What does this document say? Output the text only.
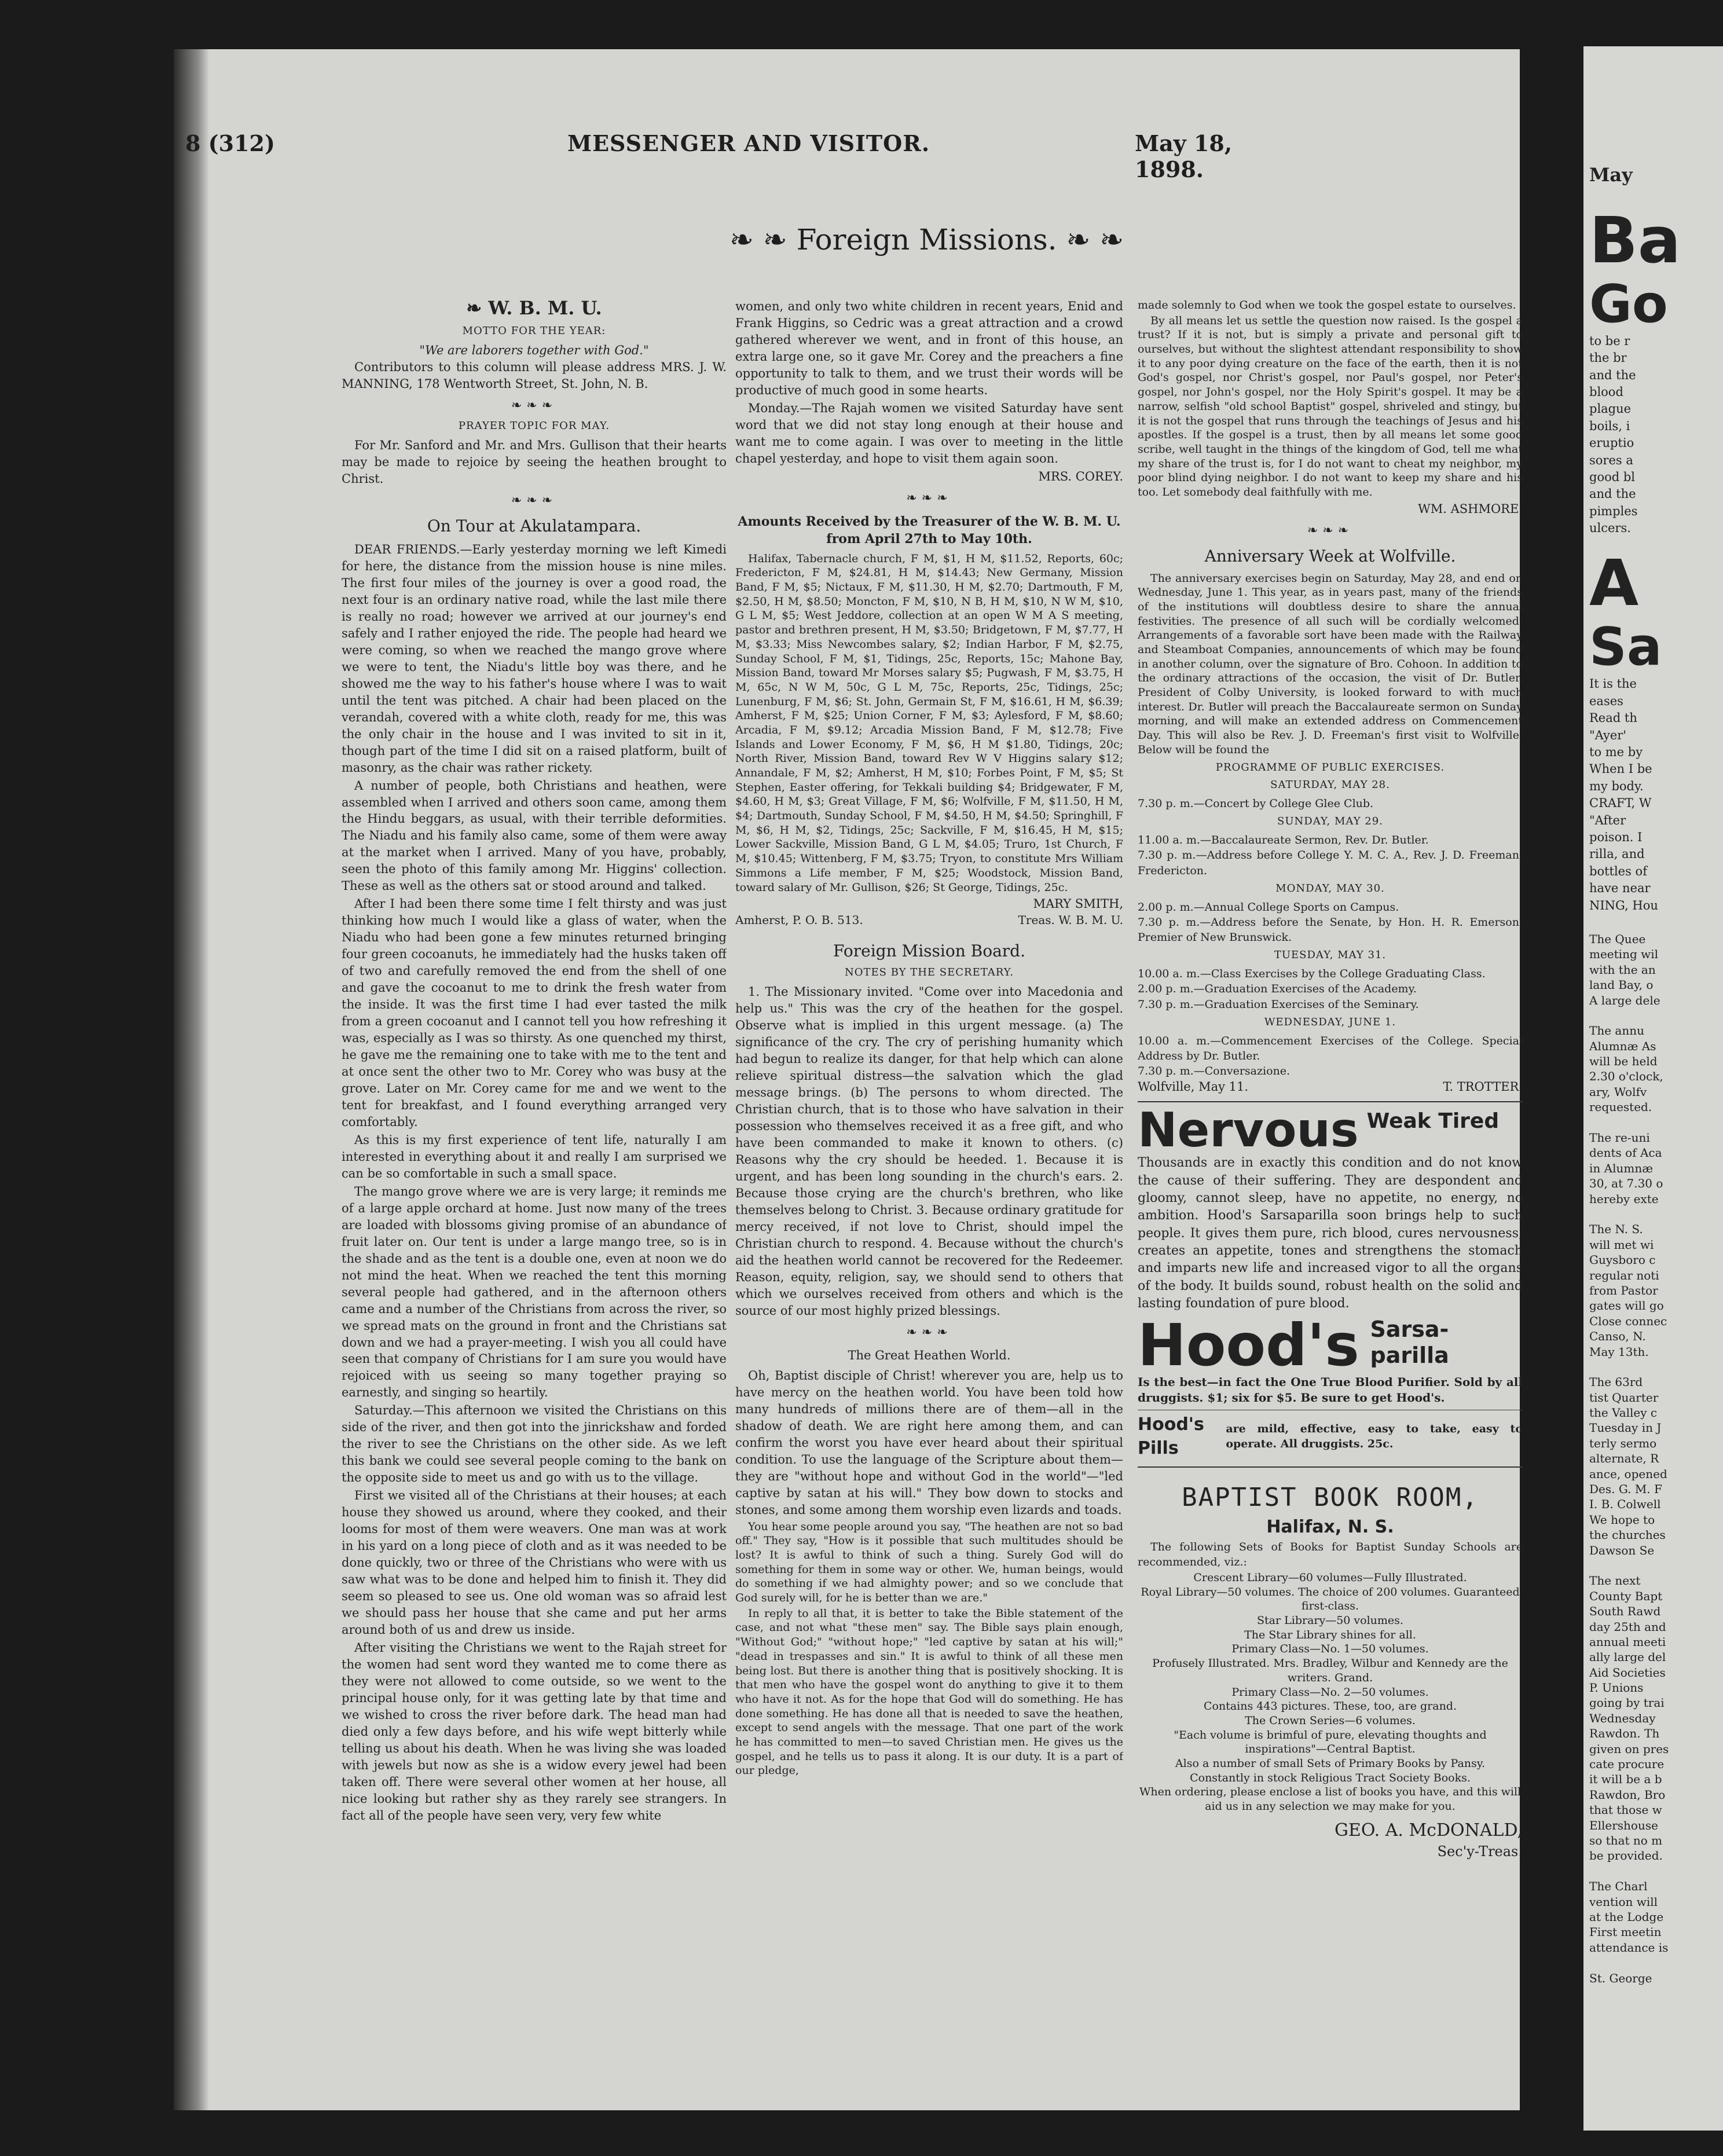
8 (312)	MESSENGER AND VISITOR.	May 18, 1898.
❧ ❧ Foreign Missions. ❧ ❧
❧ W. B. M. U.
MOTTO FOR THE YEAR:
"We are laborers together with God."

Contributors to this column will please address MRS. J. W. MANNING, 178 Wentworth Street, St. John, N. B.

❧❧❧
PRAYER TOPIC FOR MAY.

For Mr. Sanford and Mr. and Mrs. Gullison that their hearts may be made to rejoice by seeing the heathen brought to Christ.

❧❧❧
On Tour at Akulatampara.

DEAR FRIENDS.—Early yesterday morning we left Kimedi for here, the distance from the mission house is nine miles. The first four miles of the journey is over a good road, the next four is an ordinary native road, while the last mile there is really no road; however we arrived at our journey's end safely and I rather enjoyed the ride. The people had heard we were coming, so when we reached the mango grove where we were to tent, the Niadu's little boy was there, and he showed me the way to his father's house where I was to wait until the tent was pitched. A chair had been placed on the verandah, covered with a white cloth, ready for me, this was the only chair in the house and I was invited to sit in it, though part of the time I did sit on a raised platform, built of masonry, as the chair was rather rickety.

A number of people, both Christians and heathen, were assembled when I arrived and others soon came, among them the Hindu beggars, as usual, with their terrible deformities. The Niadu and his family also came, some of them were away at the market when I arrived. Many of you have, probably, seen the photo of this family among Mr. Higgins' collection. These as well as the others sat or stood around and talked.

After I had been there some time I felt thirsty and was just thinking how much I would like a glass of water, when the Niadu who had been gone a few minutes returned bringing four green cocoanuts, he immediately had the husks taken off of two and carefully removed the end from the shell of one and gave the cocoanut to me to drink the fresh water from the inside. It was the first time I had ever tasted the milk from a green cocoanut and I cannot tell you how refreshing it was, especially as I was so thirsty. As one quenched my thirst, he gave me the remaining one to take with me to the tent and at once sent the other two to Mr. Corey who was busy at the grove. Later on Mr. Corey came for me and we went to the tent for breakfast, and I found everything arranged very comfortably.

As this is my first experience of tent life, naturally I am interested in everything about it and really I am surprised we can be so comfortable in such a small space.

The mango grove where we are is very large; it reminds me of a large apple orchard at home. Just now many of the trees are loaded with blossoms giving promise of an abundance of fruit later on. Our tent is under a large mango tree, so is in the shade and as the tent is a double one, even at noon we do not mind the heat. When we reached the tent this morning several people had gathered, and in the afternoon others came and a number of the Christians from across the river, so we spread mats on the ground in front and the Christians sat down and we had a prayer-meeting. I wish you all could have seen that company of Christians for I am sure you would have rejoiced with us seeing so many together praying so earnestly, and singing so heartily.

Saturday.—This afternoon we visited the Christians on this side of the river, and then got into the jinrickshaw and forded the river to see the Christians on the other side. As we left this bank we could see several people coming to the bank on the opposite side to meet us and go with us to the village.

First we visited all of the Christians at their houses; at each house they showed us around, where they cooked, and their looms for most of them were weavers. One man was at work in his yard on a long piece of cloth and as it was needed to be done quickly, two or three of the Christians who were with us saw what was to be done and helped him to finish it. They did seem so pleased to see us. One old woman was so afraid lest we should pass her house that she came and put her arms around both of us and drew us inside.

After visiting the Christians we went to the Rajah street for the women had sent word they wanted me to come there as they were not allowed to come outside, so we went to the principal house only, for it was getting late by that time and we wished to cross the river before dark. The head man had died only a few days before, and his wife wept bitterly while telling us about his death. When he was living she was loaded with jewels but now as she is a widow every jewel had been taken off. There were several other women at her house, all nice looking but rather shy as they rarely see strangers. In fact all of the people have seen very, very few white

women, and only two white children in recent years, Enid and Frank Higgins, so Cedric was a great attraction and a crowd gathered wherever we went, and in front of this house, an extra large one, so it gave Mr. Corey and the preachers a fine opportunity to talk to them, and we trust their words will be productive of much good in some hearts.

Monday.—The Rajah women we visited Saturday have sent word that we did not stay long enough at their house and want me to come again. I was over to meeting in the little chapel yesterday, and hope to visit them again soon.

MRS. COREY.
❧❧❧
Amounts Received by the Treasurer of the W. B. M. U. from April 27th to May 10th.

Halifax, Tabernacle church, F M, $1, H M, $11.52, Reports, 60c; Fredericton, F M, $24.81, H M, $14.43; New Germany, Mission Band, F M, $5; Nictaux, F M, $11.30, H M, $2.70; Dartmouth, F M, $2.50, H M, $8.50; Moncton, F M, $10, N B, H M, $10, N W M, $10, G L M, $5; West Jeddore, collection at an open W M A S meeting, pastor and brethren present, H M, $3.50; Bridgetown, F M, $7.77, H M, $3.33; Miss Newcombes salary, $2; Indian Harbor, F M, $2.75, Sunday School, F M, $1, Tidings, 25c, Reports, 15c; Mahone Bay, Mission Band, toward Mr Morses salary $5; Pugwash, F M, $3.75, H M, 65c, N W M, 50c, G L M, 75c, Reports, 25c, Tidings, 25c; Lunenburg, F M, $6; St. John, Germain St, F M, $16.61, H M, $6.39; Amherst, F M, $25; Union Corner, F M, $3; Aylesford, F M, $8.60; Arcadia, F M, $9.12; Arcadia Mission Band, F M, $12.78; Five Islands and Lower Economy, F M, $6, H M $1.80, Tidings, 20c; North River, Mission Band, toward Rev W V Higgins salary $12; Annandale, F M, $2; Amherst, H M, $10; Forbes Point, F M, $5; St Stephen, Easter offering, for Tekkali building $4; Bridgewater, F M, $4.60, H M, $3; Great Village, F M, $6; Wolfville, F M, $11.50, H M, $4; Dartmouth, Sunday School, F M, $4.50, H M, $4.50; Springhill, F M, $6, H M, $2, Tidings, 25c; Sackville, F M, $16.45, H M, $15; Lower Sackville, Mission Band, G L M, $4.05; Truro, 1st Church, F M, $10.45; Wittenberg, F M, $3.75; Tryon, to constitute Mrs William Simmons a Life member, F M, $25; Woodstock, Mission Band, toward salary of Mr. Gullison, $26; St George, Tidings, 25c.

MARY SMITH,
Amherst, P. O. B. 513.	Treas. W. B. M. U.
Foreign Mission Board.
NOTES BY THE SECRETARY.

1. The Missionary invited. "Come over into Macedonia and help us." This was the cry of the heathen for the gospel. Observe what is implied in this urgent message. (a) The significance of the cry. The cry of perishing humanity which had begun to realize its danger, for that help which can alone relieve spiritual distress—the salvation which the glad message brings. (b) The persons to whom directed. The Christian church, that is to those who have salvation in their possession who themselves received it as a free gift, and who have been commanded to make it known to others. (c) Reasons why the cry should be heeded. 1. Because it is urgent, and has been long sounding in the church's ears. 2. Because those crying are the church's brethren, who like themselves belong to Christ. 3. Because ordinary gratitude for mercy received, if not love to Christ, should impel the Christian church to respond. 4. Because without the church's aid the heathen world cannot be recovered for the Redeemer. Reason, equity, religion, say, we should send to others that which we ourselves received from others and which is the source of our most highly prized blessings.

❧❧❧
The Great Heathen World.

Oh, Baptist disciple of Christ! wherever you are, help us to have mercy on the heathen world. You have been told how many hundreds of millions there are of them—all in the shadow of death. We are right here among them, and can confirm the worst you have ever heard about their spiritual condition. To use the language of the Scripture about them—they are "without hope and without God in the world"—"led captive by satan at his will." They bow down to stocks and stones, and some among them worship even lizards and toads.

You hear some people around you say, "The heathen are not so bad off." They say, "How is it possible that such multitudes should be lost? It is awful to think of such a thing. Surely God will do something for them in some way or other. We, human beings, would do something if we had almighty power; and so we conclude that God surely will, for he is better than we are."

In reply to all that, it is better to take the Bible statement of the case, and not what "these men" say. The Bible says plain enough, "Without God;" "without hope;" "led captive by satan at his will;" "dead in trespasses and sin." It is awful to think of all these men being lost. But there is another thing that is positively shocking. It is that men who have the gospel wont do anything to give it to them who have it not. As for the hope that God will do something. He has done something. He has done all that is needed to save the heathen, except to send angels with the message. That one part of the work he has committed to men—to saved Christian men. He gives us the gospel, and he tells us to pass it along. It is our duty. It is a part of our pledge,

made solemnly to God when we took the gospel estate to ourselves.

By all means let us settle the question now raised. Is the gospel a trust? If it is not, but is simply a private and personal gift to ourselves, but without the slightest attendant responsibility to show it to any poor dying creature on the face of the earth, then it is not God's gospel, nor Christ's gospel, nor Paul's gospel, nor Peter's gospel, nor John's gospel, nor the Holy Spirit's gospel. It may be a narrow, selfish "old school Baptist" gospel, shriveled and stingy, but it is not the gospel that runs through the teachings of Jesus and his apostles. If the gospel is a trust, then by all means let some good scribe, well taught in the things of the kingdom of God, tell me what my share of the trust is, for I do not want to cheat my neighbor, my poor blind dying neighbor. I do not want to keep my share and his too. Let somebody deal faithfully with me.

WM. ASHMORE.
❧❧❧
Anniversary Week at Wolfville.

The anniversary exercises begin on Saturday, May 28, and end on Wednesday, June 1. This year, as in years past, many of the friends of the institutions will doubtless desire to share the annual festivities. The presence of all such will be cordially welcomed. Arrangements of a favorable sort have been made with the Railway and Steamboat Companies, announcements of which may be found in another column, over the signature of Bro. Cohoon. In addition to the ordinary attractions of the occasion, the visit of Dr. Butler, President of Colby University, is looked forward to with much interest. Dr. Butler will preach the Baccalaureate sermon on Sunday morning, and will make an extended address on Commencement Day. This will also be Rev. J. D. Freeman's first visit to Wolfville. Below will be found the

PROGRAMME OF PUBLIC EXERCISES.
SATURDAY, MAY 28.
7.30 p. m.—Concert by College Glee Club.
SUNDAY, MAY 29.
11.00 a. m.—Baccalaureate Sermon, Rev. Dr. Butler.
7.30 p. m.—Address before College Y. M. C. A., Rev. J. D. Freeman, Fredericton.
MONDAY, MAY 30.
2.00 p. m.—Annual College Sports on Campus.
7.30 p. m.—Address before the Senate, by Hon. H. R. Emerson, Premier of New Brunswick.
TUESDAY, MAY 31.
10.00 a. m.—Class Exercises by the College Graduating Class.
2.00 p. m.—Graduation Exercises of the Academy.
7.30 p. m.—Graduation Exercises of the Seminary.
WEDNESDAY, JUNE 1.
10.00 a. m.—Commencement Exercises of the College. Special Address by Dr. Butler.
7.30 p. m.—Conversazione.
Wolfville, May 11.	T. TROTTER.
Nervous Weak Tired

Thousands are in exactly this condition and do not know the cause of their suffering. They are despondent and gloomy, cannot sleep, have no appetite, no energy, no ambition. Hood's Sarsaparilla soon brings help to such people. It gives them pure, rich blood, cures nervousness, creates an appetite, tones and strengthens the stomach and imparts new life and increased vigor to all the organs of the body. It builds sound, robust health on the solid and lasting foundation of pure blood.

Hood's Sarsa-
parilla

Is the best—in fact the One True Blood Purifier. Sold by all druggists. $1; six for $5. Be sure to get Hood's.

Hood's Pills
are mild, effective, easy to take, easy to operate. All druggists. 25c.
BAPTIST BOOK ROOM,
Halifax, N. S.

The following Sets of Books for Baptist Sunday Schools are recommended, viz.:

Crescent Library—60 volumes—Fully Illustrated.
Royal Library—50 volumes. The choice of 200 volumes. Guaranteed first-class.
Star Library—50 volumes.
The Star Library shines for all.
Primary Class—No. 1—50 volumes.
Profusely Illustrated. Mrs. Bradley, Wilbur and Kennedy are the writers. Grand.
Primary Class—No. 2—50 volumes.
Contains 443 pictures. These, too, are grand.
The Crown Series—6 volumes.
"Each volume is brimful of pure, elevating thoughts and inspirations"—Central Baptist.
Also a number of small Sets of Primary Books by Pansy.
Constantly in stock Religious Tract Society Books.
When ordering, please enclose a list of books you have, and this will aid us in any selection we may make for you.
GEO. A. McDONALD,
Sec'y-Treas.
May
Ba
Go
to be r
the br
and the
blood
plague
boils, i
eruptio
sores a
good bl
and the
pimples
ulcers.
A
Sa
It is the
eases
Read th
"Ayer'
to me by
When I be
my body.
CRAFT, W
"After
poison. I
rilla, and
bottles of
have near
NING, Hou
The Quee
meeting wil
with the an
land Bay, o
A large dele

The annu
Alumnæ As
will be held
2.30 o'clock,
ary, Wolfv
requested.

The re-uni
dents of Aca
in Alumnæ
30, at 7.30 o
hereby exte

The N. S.
will met wi
Guysboro c
regular noti
from Pastor
gates will go
Close connec
Canso, N.
May 13th.

The 63rd
tist Quarter
the Valley c
Tuesday in J
terly sermo
alternate, R
ance, opened
Des. G. M. F
I. B. Colwell
We hope to
the churches
Dawson Se

The next
County Bapt
South Rawd
day 25th and
annual meeti
ally large del
Aid Societies
P. Unions
going by trai
Wednesday
Rawdon. Th
given on pres
cate procure
it will be a b
Rawdon, Bro
that those w
Ellershouse
so that no m
be provided.

The Charl
vention will
at the Lodge
First meetin
attendance is

St. George
